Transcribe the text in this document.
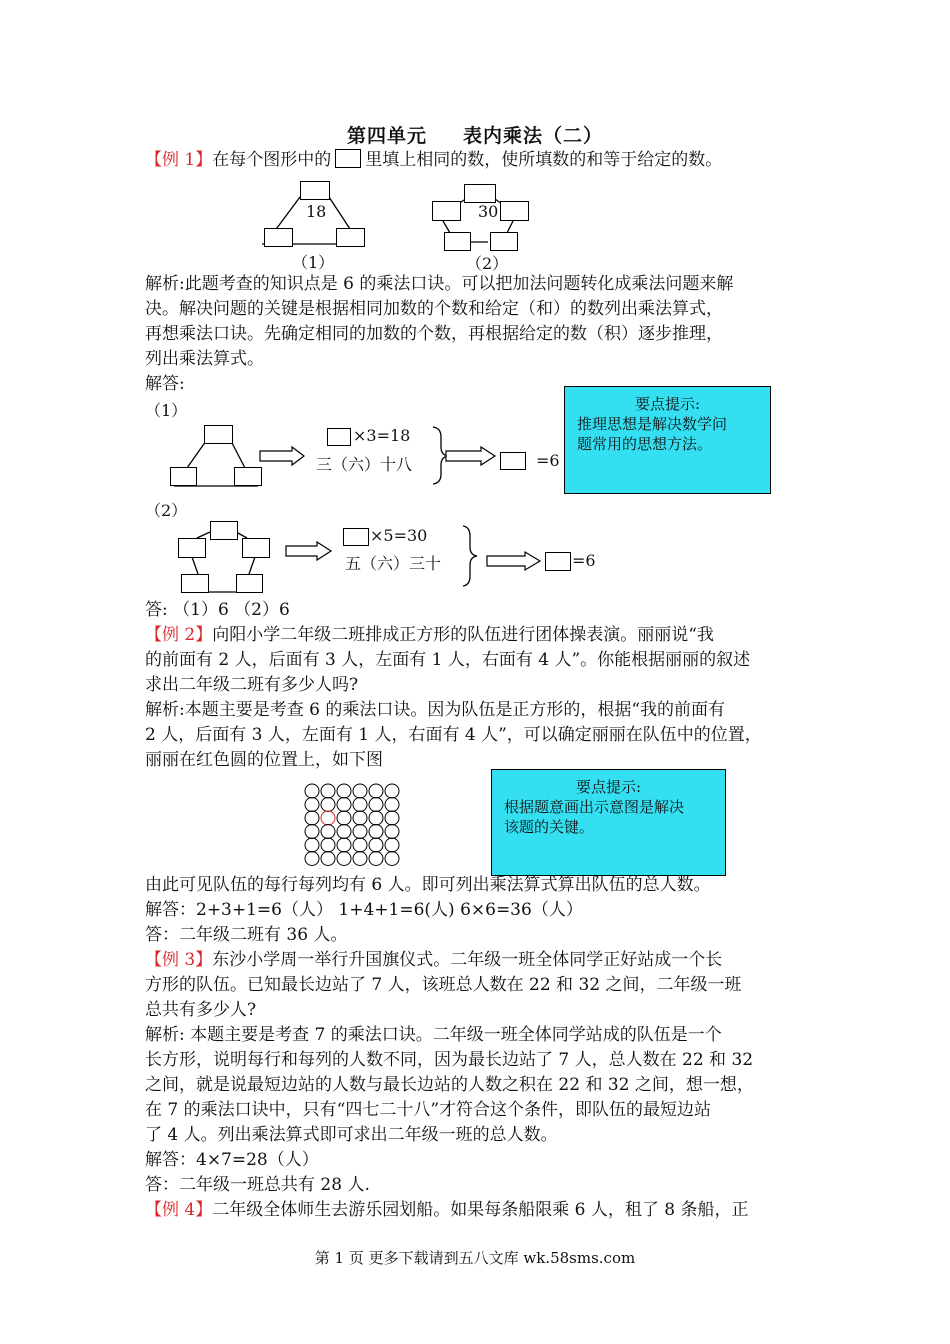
第四单元 表内乘法（二）
【例 1】在每个图形中的 里填上相同的数，使所填数的和等于给定的数。
18
（1）
30
（2）
解析:此题考查的知识点是 6 的乘法口诀。可以把加法问题转化成乘法问题来解
决。解决问题的关键是根据相同加数的个数和给定（和）的数列出乘法算式，
再想乘法口诀。先确定相同的加数的个数，再根据给定的数（积）逐步推理，
列出乘法算式。
解答:
（1）	要点提示:
推理思想是解决数学问
题常用的思想方法。
×3=18
三（六）十八	=6
（2）
×5=30
五（六）三十	=6
答: （1）6 （2）6
【例 2】向阳小学二年级二班排成正方形的队伍进行团体操表演。丽丽说“我
的前面有 2 人，后面有 3 人，左面有 1 人，右面有 4 人”。你能根据丽丽的叙述
求出二年级二班有多少人吗?
解析:本题主要是考查 6 的乘法口诀。因为队伍是正方形的，根据“我的前面有
2 人，后面有 3 人，左面有 1 人，右面有 4 人”，可以确定丽丽在队伍中的位置，
丽丽在红色圆的位置上，如下图
要点提示:
根据题意画出示意图是解决
该题的关键。
由此可见队伍的每行每列均有 6 人。即可列出乘法算式算出队伍的总人数。
解答：2+3+1=6（人） 1+4+1=6(人) 6×6=36（人）
答：二年级二班有 36 人。
【例 3】东沙小学周一举行升国旗仪式。二年级一班全体同学正好站成一个长
方形的队伍。已知最长边站了 7 人，该班总人数在 22 和 32 之间，二年级一班
总共有多少人?
解析: 本题主要是考查 7 的乘法口诀。二年级一班全体同学站成的队伍是一个
长方形，说明每行和每列的人数不同，因为最长边站了 7 人，总人数在 22 和 32
之间，就是说最短边站的人数与最长边站的人数之积在 22 和 32 之间，想一想，
在 7 的乘法口诀中，只有“四七二十八”才符合这个条件，即队伍的最短边站
了 4 人。列出乘法算式即可求出二年级一班的总人数。
解答：4×7=28（人）
答：二年级一班总共有 28 人.
【例 4】二年级全体师生去游乐园划船。如果每条船限乘 6 人，租了 8 条船，正
第 1 页 更多下载请到五八文库 wk.58sms.com
